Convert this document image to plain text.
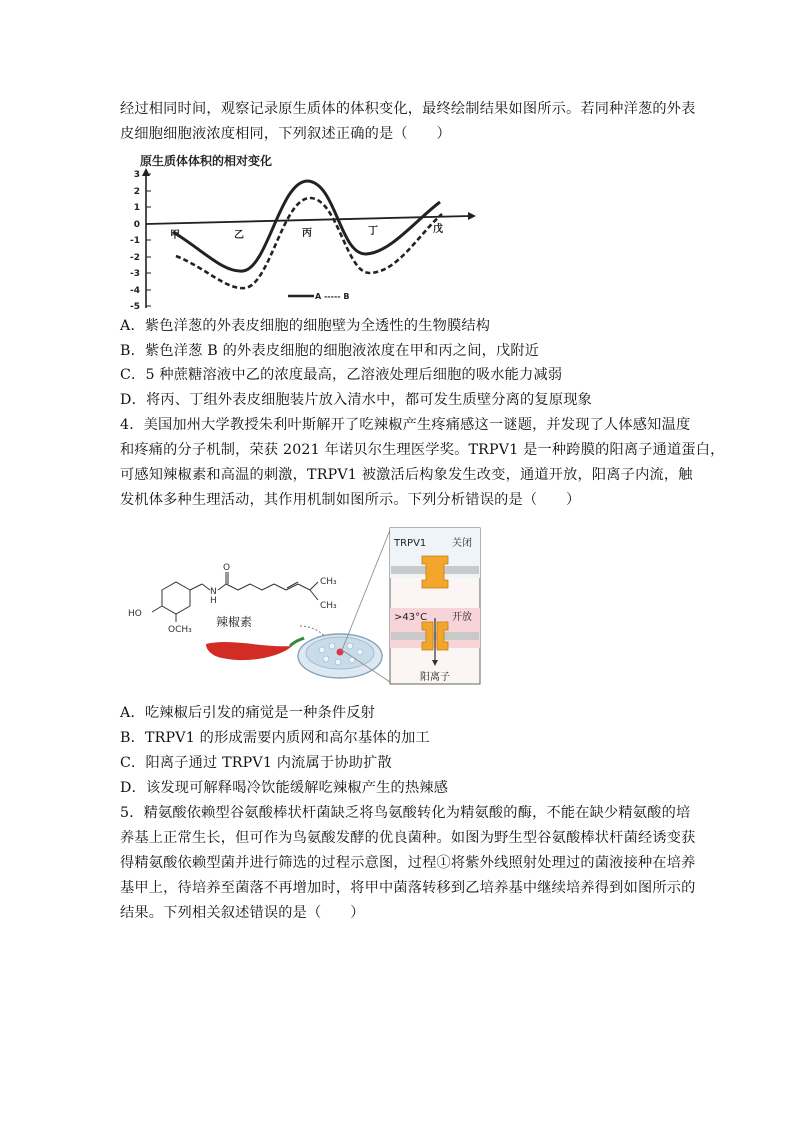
经过相同时间，观察记录原生质体的体积变化，最终绘制结果如图所示。若同种洋葱的外表
皮细胞细胞液浓度相同，下列叙述正确的是（　　）
原生质体体积的相对变化
3
2
1
0
-1
-2
-3
-4
-5
甲	乙	丙	丁	戊
A ----- B
A．紫色洋葱的外表皮细胞的细胞壁为全透性的生物膜结构
B．紫色洋葱 B 的外表皮细胞的细胞液浓度在甲和丙之间，戊附近
C．5 种蔗糖溶液中乙的浓度最高，乙溶液处理后细胞的吸水能力减弱
D．将丙、丁组外表皮细胞装片放入清水中，都可发生质壁分离的复原现象
4．美国加州大学教授朱利叶斯解开了吃辣椒产生疼痛感这一谜题，并发现了人体感知温度
和疼痛的分子机制，荣获 2021 年诺贝尔生理医学奖。TRPV1 是一种跨膜的阳离子通道蛋白，
可感知辣椒素和高温的刺激，TRPV1 被激活后构象发生改变，通道开放，阳离子内流，触
发机体多种生理活动，其作用机制如图所示。下列分析错误的是（　　）
HO
OCH₃
N
H
O
CH₃
CH₃
辣椒素
TRPV1	关闭
>43°C 开放
阳离子
A．吃辣椒后引发的痛觉是一种条件反射
B．TRPV1 的形成需要内质网和高尔基体的加工
C．阳离子通过 TRPV1 内流属于协助扩散
D．该发现可解释喝冷饮能缓解吃辣椒产生的热辣感
5．精氨酸依赖型谷氨酸棒状杆菌缺乏将鸟氨酸转化为精氨酸的酶，不能在缺少精氨酸的培
养基上正常生长，但可作为鸟氨酸发酵的优良菌种。如图为野生型谷氨酸棒状杆菌经诱变获
得精氨酸依赖型菌并进行筛选的过程示意图，过程①将紫外线照射处理过的菌液接种在培养
基甲上，待培养至菌落不再增加时，将甲中菌落转移到乙培养基中继续培养得到如图所示的
结果。下列相关叙述错误的是（　　）
